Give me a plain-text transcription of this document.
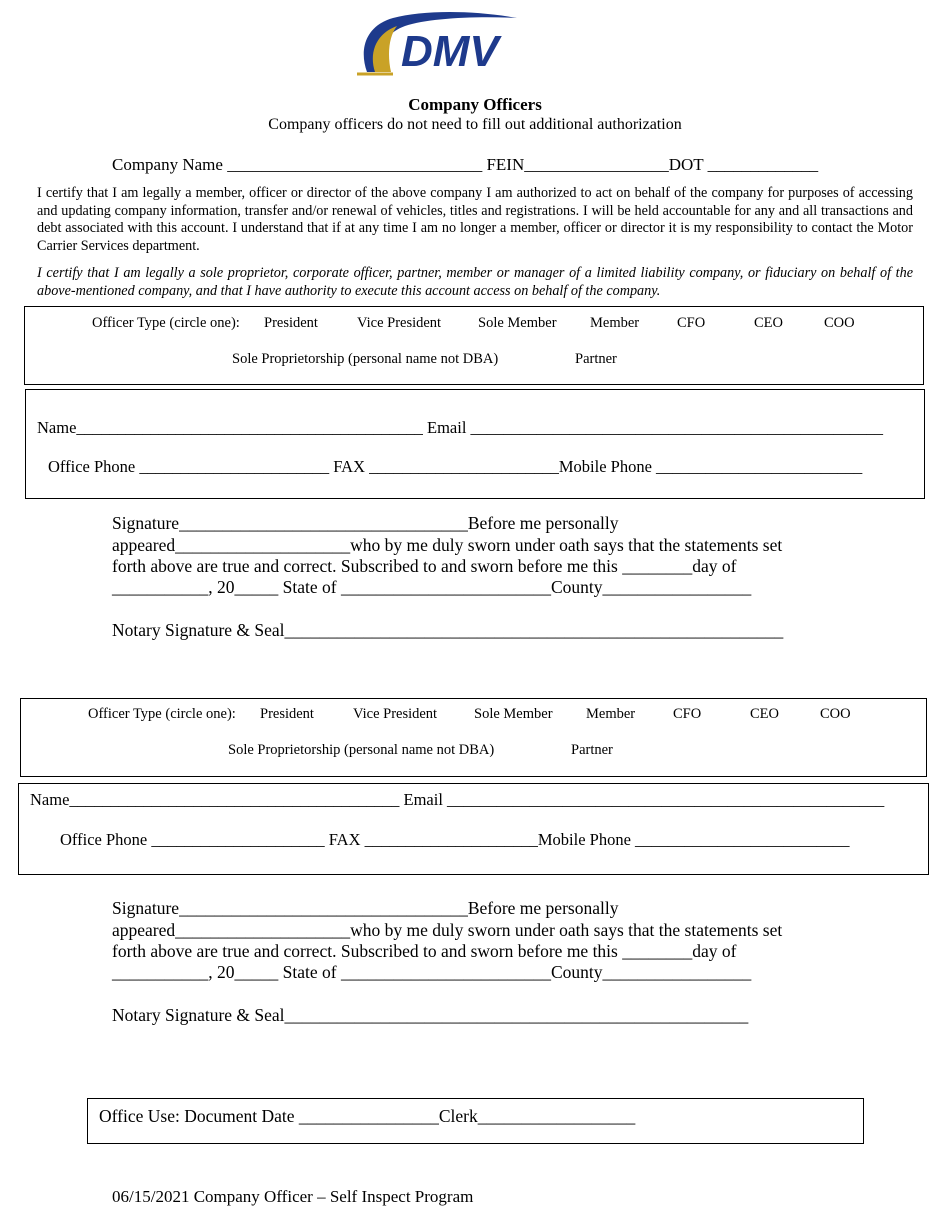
DMV
Company Officers
Company officers do not need to fill out additional authorization
Company Name ______________________________ FEIN_________________DOT _____________
I certify that I am legally a member, officer or director of the above company I am authorized to act on behalf of the company for purposes of accessing and updating company information, transfer and/or renewal of vehicles, titles and registrations. I will be held accountable for any and all transactions and debt associated with this account. I understand that if at any time I am no longer a member, officer or director it is my responsibility to contact the Motor Carrier Services department.
I certify that I am legally a sole proprietor, corporate officer, partner, member or manager of a limited liability company, or fiduciary on behalf of the above-mentioned company, and that I have authority to execute this account access on behalf of the company.
Officer Type (circle one): President	Vice President	Sole Member Member	CFO	CEO	COO
Sole Proprietorship (personal name not DBA)	Partner
Name__________________________________________ Email __________________________________________________
Office Phone _______________________ FAX _______________________Mobile Phone _________________________
Signature_________________________________Before me personally
appeared____________________who by me duly sworn under oath says that the statements set
forth above are true and correct. Subscribed to and sworn before me this ________day of
___________, 20_____ State of ________________________County_________________
Notary Signature & Seal_________________________________________________________
Officer Type (circle one): President	Vice President	Sole Member Member	CFO	CEO	COO
Sole Proprietorship (personal name not DBA)	Partner
Name________________________________________ Email _____________________________________________________
Office Phone _____________________ FAX _____________________Mobile Phone __________________________
Signature_________________________________Before me personally
appeared____________________who by me duly sworn under oath says that the statements set
forth above are true and correct. Subscribed to and sworn before me this ________day of
___________, 20_____ State of ________________________County_________________
Notary Signature & Seal_____________________________________________________
Office Use: Document Date ________________Clerk__________________
06/15/2021 Company Officer – Self Inspect Program
